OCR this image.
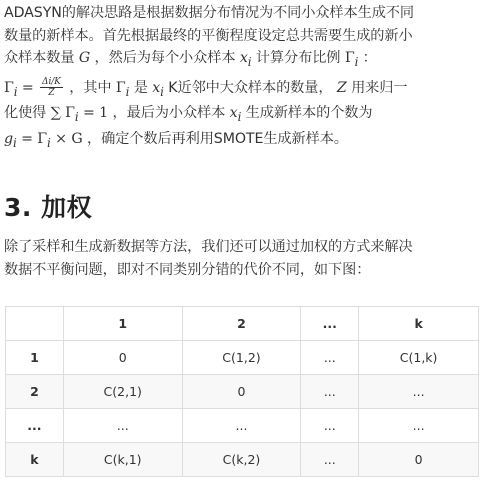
ADASYN的解决思路是根据数据分布情况为不同小众样本生成不同
数量的新样本。首先根据最终的平衡程度设定总共需要生成的新小
众样本数量 G ，然后为每个小众样本 $x_i$ 计算分布比例 $\Gamma_i$ ：
$\Gamma_i = \frac{\Delta i/K}{Z}$ ，其中 $\Gamma_i$ 是 $x_i$ K近邻中大众样本的数量， Z 用来归一
化使得 ∑ $\Gamma_i = 1$ ，最后为小众样本 $x_i$ 生成新样本的个数为
$g_i = \Gamma_i \times G$ ，确定个数后再利用SMOTE生成新样本。
3. 加权
除了采样和生成新数据等方法，我们还可以通过加权的方式来解决
数据不平衡问题，即对不同类别分错的代价不同，如下图：
	1	2	...	k
1	0	C(1,2)	...	C(1,k)
2	C(2,1)	0	...	...
...	...	...	...	...
k	C(k,1)	C(k,2)	...	0
